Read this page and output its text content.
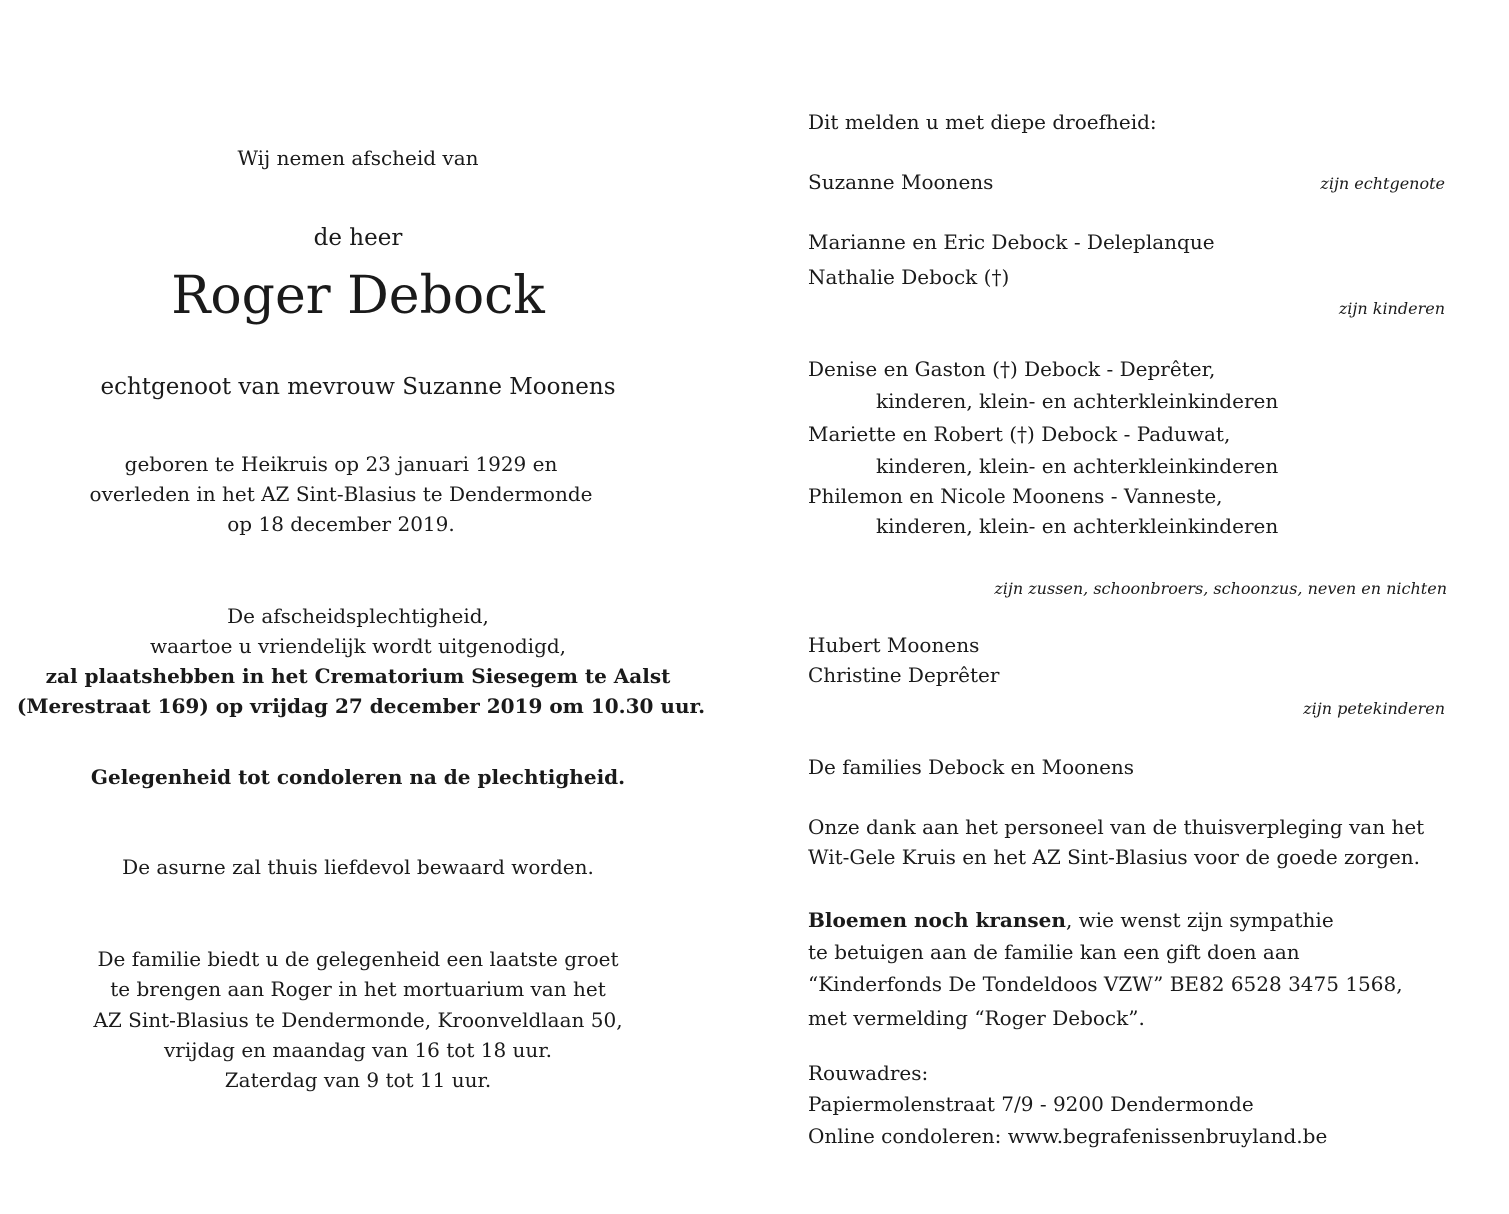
Wij nemen afscheid van
de heer
Roger Debock
echtgenoot van mevrouw Suzanne Moonens
geboren te Heikruis op 23 januari 1929 en
overleden in het AZ Sint-Blasius te Dendermonde
op 18 december 2019.
De afscheidsplechtigheid,
waartoe u vriendelijk wordt uitgenodigd,
zal plaatshebben in het Crematorium Siesegem te Aalst
(Merestraat 169) op vrijdag 27 december 2019 om 10.30 uur.
Gelegenheid tot condoleren na de plechtigheid.
De asurne zal thuis liefdevol bewaard worden.
De familie biedt u de gelegenheid een laatste groet
te brengen aan Roger in het mortuarium van het
AZ Sint-Blasius te Dendermonde, Kroonveldlaan 50,
vrijdag en maandag van 16 tot 18 uur.
Zaterdag van 9 tot 11 uur.
Dit melden u met diepe droefheid:
Suzanne Moonens	zijn echtgenote
Marianne en Eric Debock - Deleplanque
Nathalie Debock (†)
zijn kinderen
Denise en Gaston (†) Debock - Deprêter,
kinderen, klein- en achterkleinkinderen
Mariette en Robert (†) Debock - Paduwat,
kinderen, klein- en achterkleinkinderen
Philemon en Nicole Moonens - Vanneste,
kinderen, klein- en achterkleinkinderen
zijn zussen, schoonbroers, schoonzus, neven en nichten
Hubert Moonens
Christine Deprêter
zijn petekinderen
De families Debock en Moonens
Onze dank aan het personeel van de thuisverpleging van het
Wit-Gele Kruis en het AZ Sint-Blasius voor de goede zorgen.
Bloemen noch kransen, wie wenst zijn sympathie
te betuigen aan de familie kan een gift doen aan
“Kinderfonds De Tondeldoos VZW” BE82 6528 3475 1568,
met vermelding “Roger Debock”.
Rouwadres:
Papiermolenstraat 7/9 - 9200 Dendermonde
Online condoleren: www.begrafenissenbruyland.be
